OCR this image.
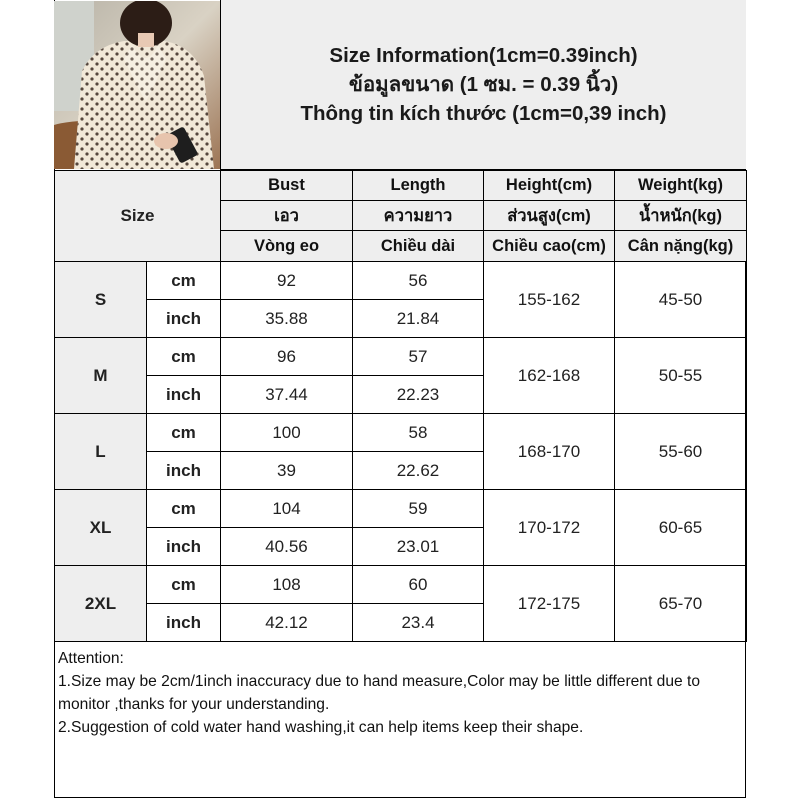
Size Information(1cm=0.39inch)
ข้อมูลขนาด (1 ซม. = 0.39 นิ้ว)
Thông tin kích thước (1cm=0,39 inch)
Size		Bust	Length	Height(cm)	Weight(kg)
		เอว	ความยาว	ส่วนสูง(cm)	น้ำหนัก(kg)
		Vòng eo	Chiều dài	Chiều cao(cm)	Cân nặng(kg)
S	cm	92	56	155-162	45-50
	inch	35.88	21.84		
M	cm	96	57	162-168	50-55
	inch	37.44	22.23		
L	cm	100	58	168-170	55-60
	inch	39	22.62		
XL	cm	104	59	170-172	60-65
	inch	40.56	23.01		
2XL	cm	108	60	172-175	65-70
	inch	42.12	23.4		
Attention:
1.Size may be 2cm/1inch inaccuracy due to hand measure,Color may be little different due to monitor ,thanks for your understanding.
2.Suggestion of cold water hand washing,it can help items keep their shape.
